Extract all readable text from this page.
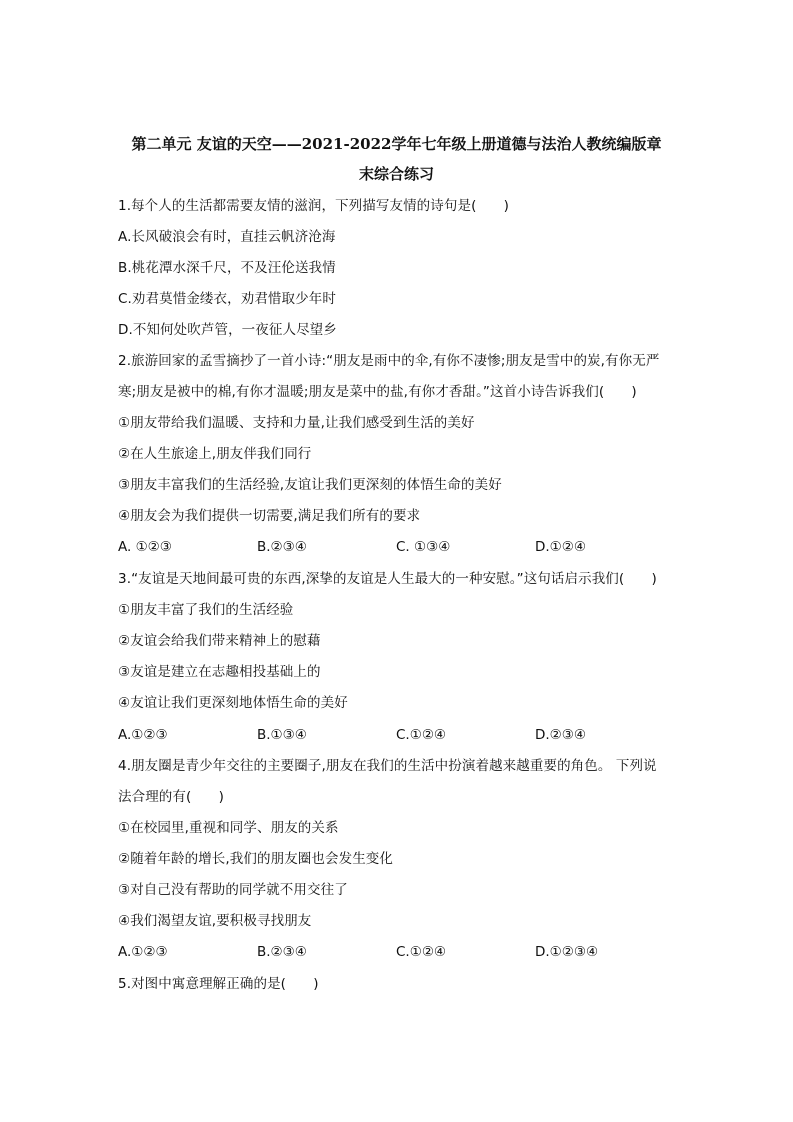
第二单元 友谊的天空——2021-2022学年七年级上册道德与法治人教统编版章
末综合练习
1.每个人的生活都需要友情的滋润，下列描写友情的诗句是(　　)
A.长风破浪会有时，直挂云帆济沧海
B.桃花潭水深千尺，不及汪伦送我情
C.劝君莫惜金缕衣，劝君惜取少年时
D.不知何处吹芦管，一夜征人尽望乡
2.旅游回家的孟雪摘抄了一首小诗:“朋友是雨中的伞,有你不凄惨;朋友是雪中的炭,有你无严
寒;朋友是被中的棉,有你才温暖;朋友是菜中的盐,有你才香甜。”这首小诗告诉我们(　　)
①朋友带给我们温暖、支持和力量,让我们感受到生活的美好
②在人生旅途上,朋友伴我们同行
③朋友丰富我们的生活经验,友谊让我们更深刻的体悟生命的美好
④朋友会为我们提供一切需要,满足我们所有的要求
A. ①②③	B.②③④	C. ①③④	D.①②④
3.“友谊是天地间最可贵的东西,深挚的友谊是人生最大的一种安慰。”这句话启示我们(　　)
①朋友丰富了我们的生活经验
②友谊会给我们带来精神上的慰藉
③友谊是建立在志趣相投基础上的
④友谊让我们更深刻地体悟生命的美好
A.①②③	B.①③④	C.①②④	D.②③④
4.朋友圈是青少年交往的主要圈子,朋友在我们的生活中扮演着越来越重要的角色。 下列说
法合理的有(　　)
①在校园里,重视和同学、朋友的关系
②随着年龄的增长,我们的朋友圈也会发生变化
③对自己没有帮助的同学就不用交往了
④我们渴望友谊,要积极寻找朋友
A.①②③	B.②③④	C.①②④	D.①②③④
5.对图中寓意理解正确的是(　　)
